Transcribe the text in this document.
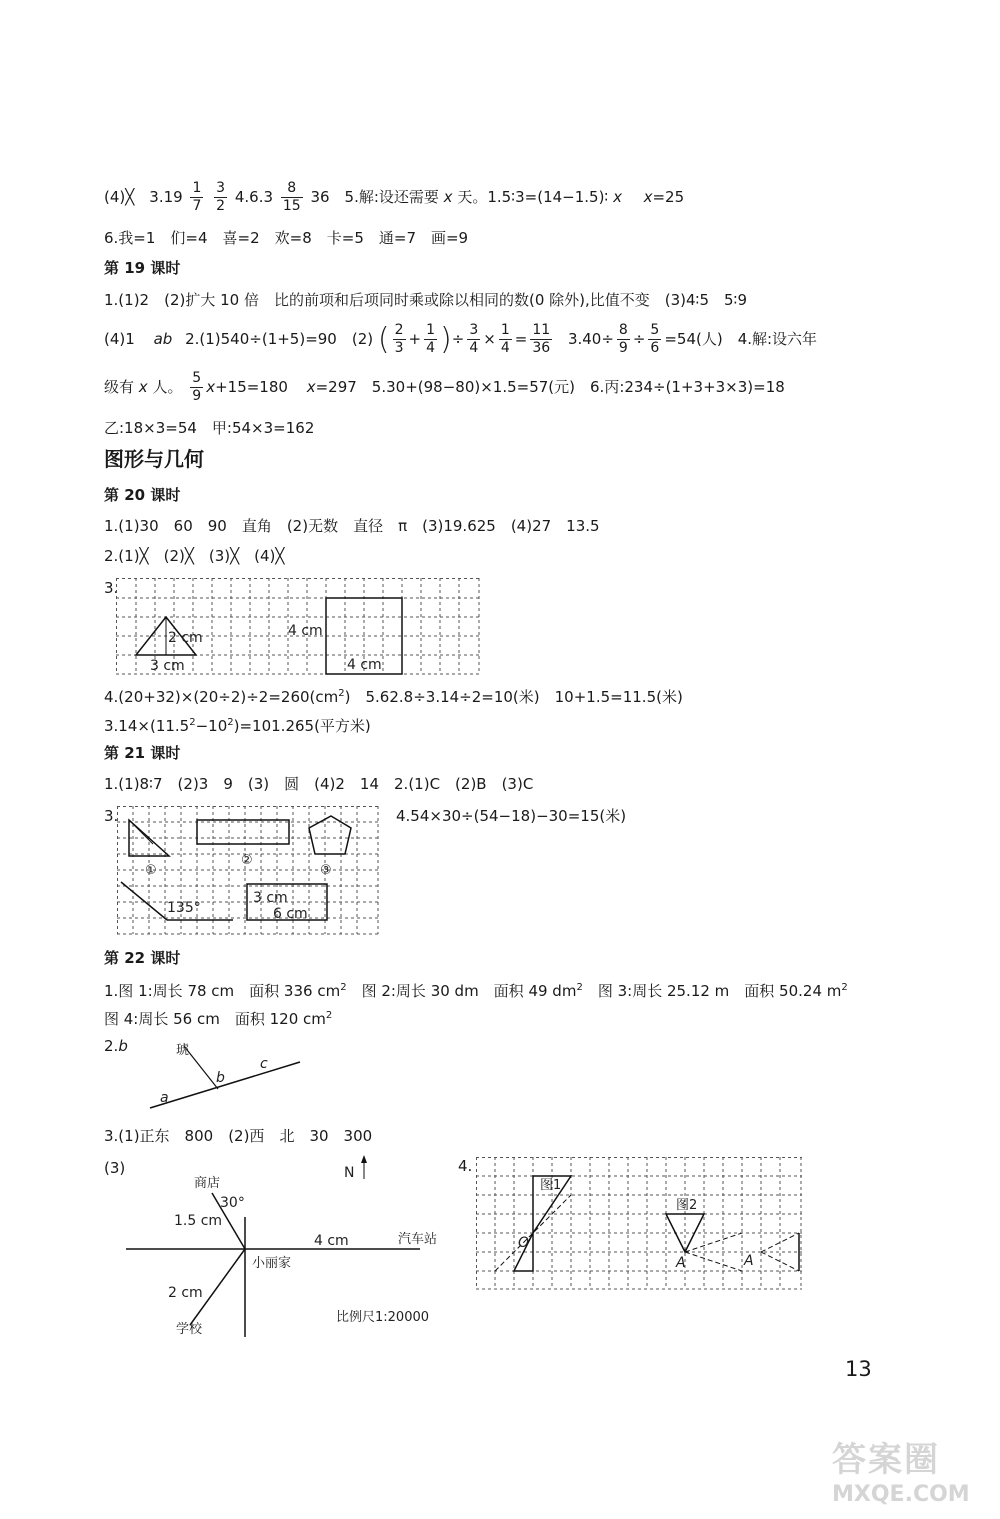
(4)╳　$3.19 \frac{1}{7}$
$\frac{3}{2} 4.6.3 \frac{8}{15} 36$　5.解:设还需要 x 天。1.5∶3=(14−1.5)∶ x x=25
6.我=1　们=4　喜=2　欢=8　卡=5　通=7　画=9
第 19 课时
1.(1)2　(2)扩大 10 倍　比的前项和后项同时乘或除以相同的数(0 除外),比值不变　(3)4∶5　5∶9
(4)1 ab 2.(1)540÷(1+5)=90　(2) ( $\frac{2}{3} + \frac{1}{4}$ )÷ $\frac{3}{4} \times \frac{1}{4} = \frac{11}{36} 3.40\div \frac{8}{9} \div \frac{5}{6} =54$(人)　4.解:设六年
级有 x 人。 $\frac{5}{9} x+15=180$ x=297　5.30+(98−80)×1.5=57(元)　6.丙:234÷(1+3+3×3)=18
乙:18×3=54　甲:54×3=162
图形与几何
第 20 课时
1.(1)30　60　90　直角　(2)无数　直径　π　(3)19.625　(4)27　13.5
2.(1)╳　(2)╳　(3)╳　(4)╳
3.
2 cm
3 cm
4 cm
4 cm
$4.(20+32)\times(20\div 2)\div 2=260(cm^2)$　5.62.8÷3.14÷2=10(米)　10+1.5=11.5(米)
$3.14\times(11.5^2-10^2)=101.265$(平方米)
第 21 课时
1.(1)8∶7　(2)3　9　(3)　圆　(4)2　14　2.(1)C　(2)B　(3)C
3.	4.54×30÷(54−18)−30=15(米)
①
②
③
135°
3 cm
6 cm
第 22 课时
1.图 1:周长 78 cm　面积 336 $cm^2$　图 2:周长 30 dm　面积 49 $dm^2$　图 3:周长 25.12 m　面积 50.24 $m^2$
图 4:周长 56 cm　面积 120 $cm^2$
2.b	琥
a
b
c
3.(1)正东　800　(2)西　北　30　300
(3)	N
商店
30°
1.5 cm
4 cm	汽车站
小丽家
2 cm
学校
比例尺1:20000
4.
图1
O
图2
A	A
13
答案圈
MXQE.COM
